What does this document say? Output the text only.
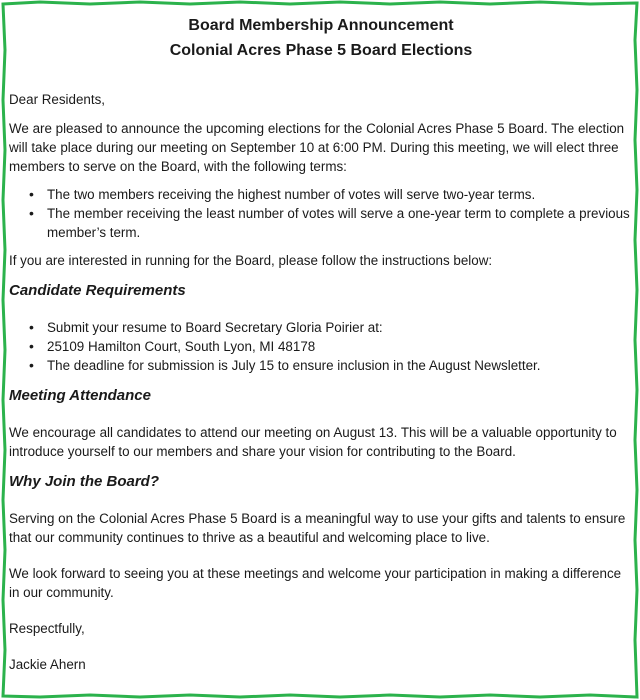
Board Membership Announcement
Colonial Acres Phase 5 Board Elections

Dear Residents,

We are pleased to announce the upcoming elections for the Colonial Acres Phase 5 Board. The election will take place during our meeting on September 10 at 6:00 PM. During this meeting, we will elect three members to serve on the Board, with the following terms:

• The two members receiving the highest number of votes will serve two-year terms.
• The member receiving the least number of votes will serve a one-year term to complete a previous member’s term.

If you are interested in running for the Board, please follow the instructions below:

Candidate Requirements
• Submit your resume to Board Secretary Gloria Poirier at:
• 25109 Hamilton Court, South Lyon, MI 48178
• The deadline for submission is July 15 to ensure inclusion in the August Newsletter.
Meeting Attendance

We encourage all candidates to attend our meeting on August 13. This will be a valuable opportunity to introduce yourself to our members and share your vision for contributing to the Board.

Why Join the Board?

Serving on the Colonial Acres Phase 5 Board is a meaningful way to use your gifts and talents to ensure that our community continues to thrive as a beautiful and welcoming place to live.

We look forward to seeing you at these meetings and welcome your participation in making a difference in our community.

Respectfully,

Jackie Ahern
